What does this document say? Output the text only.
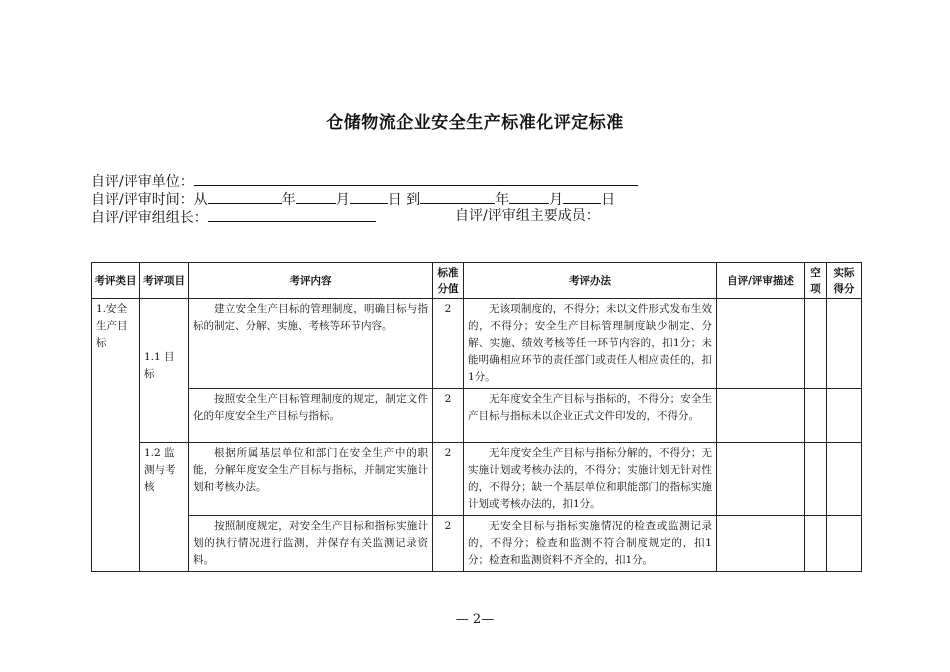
仓储物流企业安全生产标准化评定标准
自评/评审单位：
自评/评审时间：从	年	月	日 到	年	月	日
自评/评审组组长：	自评/评审组主要成员：
考评类目	考评项目	考评内容	标准分值	考评办法	自评/评审描述	空项	实际得分
1.安全生产目标	1.1 目标	建立安全生产目标的管理制度，明确目标与指标的制定、分解、实施、考核等环节内容。	2	无该项制度的，不得分；未以文件形式发布生效的，不得分；安全生产目标管理制度缺少制定、分解、实施、绩效考核等任一环节内容的，扣1分；未能明确相应环节的责任部门或责任人相应责任的，扣1分。			
		按照安全生产目标管理制度的规定，制定文件化的年度安全生产目标与指标。	2	无年度安全生产目标与指标的，不得分；安全生产目标与指标未以企业正式文件印发的，不得分。			
	1.2 监测与考核	根据所属基层单位和部门在安全生产中的职能，分解年度安全生产目标与指标，并制定实施计划和考核办法。	2	无年度安全生产目标与指标分解的，不得分；无实施计划或考核办法的，不得分；实施计划无针对性的，不得分；缺一个基层单位和职能部门的指标实施计划或考核办法的，扣1分。			
		按照制度规定，对安全生产目标和指标实施计划的执行情况进行监测，并保存有关监测记录资料。	2	无安全目标与指标实施情况的检查或监测记录的，不得分；检查和监测不符合制度规定的，扣1分；检查和监测资料不齐全的，扣1分。			
— 2—
